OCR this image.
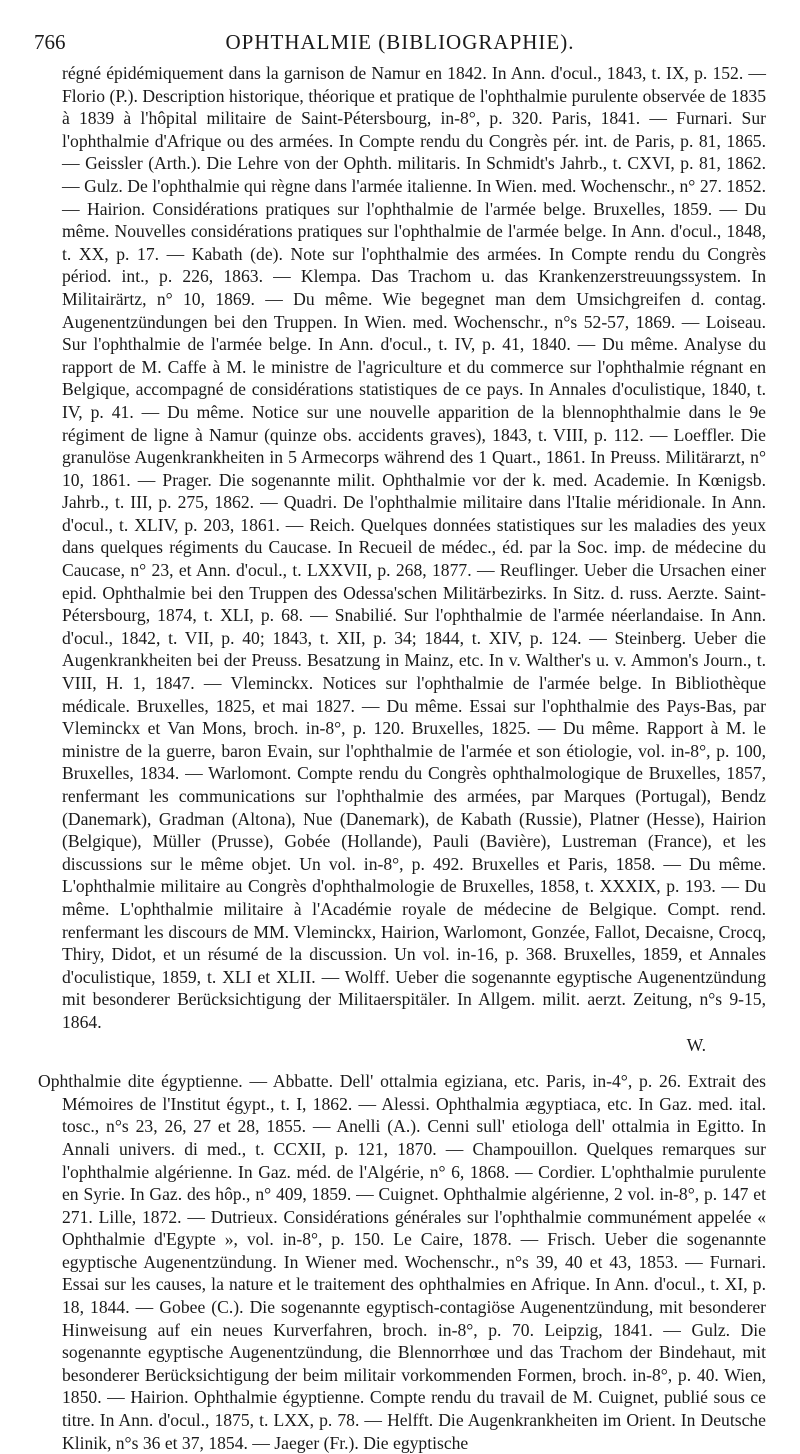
766	OPHTHALMIE (BIBLIOGRAPHIE).

régné épidémiquement dans la garnison de Namur en 1842. In Ann. d'ocul., 1843, t. IX, p. 152. — Florio (P.). Description historique, théorique et pratique de l'ophthalmie purulente observée de 1835 à 1839 à l'hôpital militaire de Saint-Pétersbourg, in-8°, p. 320. Paris, 1841. — Furnari. Sur l'ophthalmie d'Afrique ou des armées. In Compte rendu du Congrès pér. int. de Paris, p. 81, 1865. — Geissler (Arth.). Die Lehre von der Ophth. militaris. In Schmidt's Jahrb., t. CXVI, p. 81, 1862. — Gulz. De l'ophthalmie qui règne dans l'armée italienne. In Wien. med. Wochenschr., n° 27. 1852. — Hairion. Considérations pratiques sur l'ophthalmie de l'armée belge. Bruxelles, 1859. — Du même. Nouvelles considérations pratiques sur l'ophthalmie de l'armée belge. In Ann. d'ocul., 1848, t. XX, p. 17. — Kabath (de). Note sur l'ophthalmie des armées. In Compte rendu du Congrès périod. int., p. 226, 1863. — Klempa. Das Trachom u. das Krankenzerstreuungssystem. In Militairärtz, n° 10, 1869. — Du même. Wie begegnet man dem Umsichgreifen d. contag. Augenentzündungen bei den Truppen. In Wien. med. Wochenschr., n°s 52-57, 1869. — Loiseau. Sur l'ophthalmie de l'armée belge. In Ann. d'ocul., t. IV, p. 41, 1840. — Du même. Analyse du rapport de M. Caffe à M. le ministre de l'agriculture et du commerce sur l'ophthalmie régnant en Belgique, accompagné de considérations statistiques de ce pays. In Annales d'oculistique, 1840, t. IV, p. 41. — Du même. Notice sur une nouvelle apparition de la blennophthalmie dans le 9e régiment de ligne à Namur (quinze obs. accidents graves), 1843, t. VIII, p. 112. — Loeffler. Die granulöse Augenkrankheiten in 5 Armecorps während des 1 Quart., 1861. In Preuss. Militärarzt, n° 10, 1861. — Prager. Die sogenannte milit. Ophthalmie vor der k. med. Academie. In Kœnigsb. Jahrb., t. III, p. 275, 1862. — Quadri. De l'ophthalmie militaire dans l'Italie méridionale. In Ann. d'ocul., t. XLIV, p. 203, 1861. — Reich. Quelques données statistiques sur les maladies des yeux dans quelques régiments du Caucase. In Recueil de médec., éd. par la Soc. imp. de médecine du Caucase, n° 23, et Ann. d'ocul., t. LXXVII, p. 268, 1877. — Reuflinger. Ueber die Ursachen einer epid. Ophthalmie bei den Truppen des Odessa'schen Militärbezirks. In Sitz. d. russ. Aerzte. Saint-Pétersbourg, 1874, t. XLI, p. 68. — Snabilié. Sur l'ophthalmie de l'armée néerlandaise. In Ann. d'ocul., 1842, t. VII, p. 40; 1843, t. XII, p. 34; 1844, t. XIV, p. 124. — Steinberg. Ueber die Augenkrankheiten bei der Preuss. Besatzung in Mainz, etc. In v. Walther's u. v. Ammon's Journ., t. VIII, H. 1, 1847. — Vleminckx. Notices sur l'ophthalmie de l'armée belge. In Bibliothèque médicale. Bruxelles, 1825, et mai 1827. — Du même. Essai sur l'ophthalmie des Pays-Bas, par Vleminckx et Van Mons, broch. in-8°, p. 120. Bruxelles, 1825. — Du même. Rapport à M. le ministre de la guerre, baron Evain, sur l'ophthalmie de l'armée et son étiologie, vol. in-8°, p. 100, Bruxelles, 1834. — Warlomont. Compte rendu du Congrès ophthalmologique de Bruxelles, 1857, renfermant les communications sur l'ophthalmie des armées, par Marques (Portugal), Bendz (Danemark), Gradman (Altona), Nue (Danemark), de Kabath (Russie), Platner (Hesse), Hairion (Belgique), Müller (Prusse), Gobée (Hollande), Pauli (Bavière), Lustreman (France), et les discussions sur le même objet. Un vol. in-8°, p. 492. Bruxelles et Paris, 1858. — Du même. L'ophthalmie militaire au Congrès d'ophthalmologie de Bruxelles, 1858, t. XXXIX, p. 193. — Du même. L'ophthalmie militaire à l'Académie royale de médecine de Belgique. Compt. rend. renfermant les discours de MM. Vleminckx, Hairion, Warlomont, Gonzée, Fallot, Decaisne, Crocq, Thiry, Didot, et un résumé de la discussion. Un vol. in-16, p. 368. Bruxelles, 1859, et Annales d'oculistique, 1859, t. XLI et XLII. — Wolff. Ueber die sogenannte egyptische Augenentzündung mit besonderer Berücksichtigung der Militaerspitäler. In Allgem. milit. aerzt. Zeitung, n°s 9-15, 1864.

W.

Ophthalmie dite égyptienne. — Abbatte. Dell' ottalmia egiziana, etc. Paris, in-4°, p. 26. Extrait des Mémoires de l'Institut égypt., t. I, 1862. — Alessi. Ophthalmia ægyptiaca, etc. In Gaz. med. ital. tosc., n°s 23, 26, 27 et 28, 1855. — Anelli (A.). Cenni sull' etiologa dell' ottalmia in Egitto. In Annali univers. di med., t. CCXII, p. 121, 1870. — Champouillon. Quelques remarques sur l'ophthalmie algérienne. In Gaz. méd. de l'Algérie, n° 6, 1868. — Cordier. L'ophthalmie purulente en Syrie. In Gaz. des hôp., n° 409, 1859. — Cuignet. Ophthalmie algérienne, 2 vol. in-8°, p. 147 et 271. Lille, 1872. — Dutrieux. Considérations générales sur l'ophthalmie communément appelée « Ophthalmie d'Egypte », vol. in-8°, p. 150. Le Caire, 1878. — Frisch. Ueber die sogenannte egyptische Augenentzündung. In Wiener med. Wochenschr., n°s 39, 40 et 43, 1853. — Furnari. Essai sur les causes, la nature et le traitement des ophthalmies en Afrique. In Ann. d'ocul., t. XI, p. 18, 1844. — Gobee (C.). Die sogenannte egyptisch-contagiöse Augenentzündung, mit besonderer Hinweisung auf ein neues Kurverfahren, broch. in-8°, p. 70. Leipzig, 1841. — Gulz. Die sogenannte egyptische Augenentzündung, die Blennorrhœe und das Trachom der Bindehaut, mit besonderer Berücksichtigung der beim militair vorkommenden Formen, broch. in-8°, p. 40. Wien, 1850. — Hairion. Ophthalmie égyptienne. Compte rendu du travail de M. Cuignet, publié sous ce titre. In Ann. d'ocul., 1875, t. LXX, p. 78. — Helfft. Die Augenkrankheiten im Orient. In Deutsche Klinik, n°s 36 et 37, 1854. — Jaeger (Fr.). Die egyptische
